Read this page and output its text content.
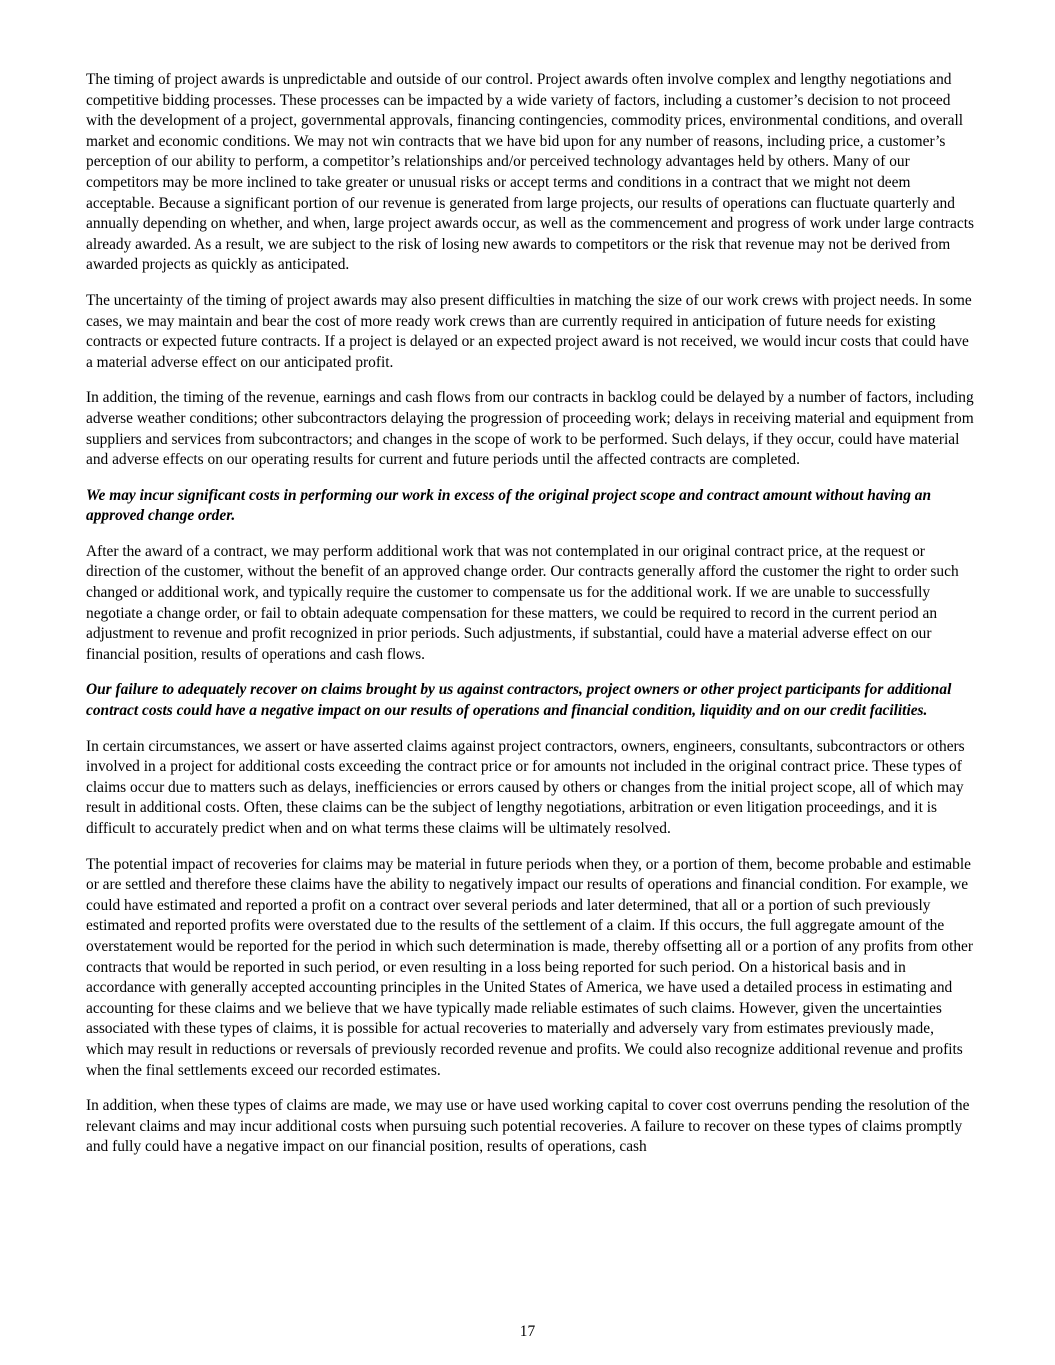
The timing of project awards is unpredictable and outside of our control. Project awards often involve complex and lengthy negotiations and competitive bidding processes. These processes can be impacted by a wide variety of factors, including a customer’s decision to not proceed with the development of a project, governmental approvals, financing contingencies, commodity prices, environmental conditions, and overall market and economic conditions. We may not win contracts that we have bid upon for any number of reasons, including price, a customer’s perception of our ability to perform, a competitor’s relationships and/or perceived technology advantages held by others. Many of our competitors may be more inclined to take greater or unusual risks or accept terms and conditions in a contract that we might not deem acceptable. Because a significant portion of our revenue is generated from large projects, our results of operations can fluctuate quarterly and annually depending on whether, and when, large project awards occur, as well as the commencement and progress of work under large contracts already awarded. As a result, we are subject to the risk of losing new awards to competitors or the risk that revenue may not be derived from awarded projects as quickly as anticipated.

The uncertainty of the timing of project awards may also present difficulties in matching the size of our work crews with project needs. In some cases, we may maintain and bear the cost of more ready work crews than are currently required in anticipation of future needs for existing contracts or expected future contracts. If a project is delayed or an expected project award is not received, we would incur costs that could have a material adverse effect on our anticipated profit.

In addition, the timing of the revenue, earnings and cash flows from our contracts in backlog could be delayed by a number of factors, including adverse weather conditions; other subcontractors delaying the progression of proceeding work; delays in receiving material and equipment from suppliers and services from subcontractors; and changes in the scope of work to be performed. Such delays, if they occur, could have material and adverse effects on our operating results for current and future periods until the affected contracts are completed.

We may incur significant costs in performing our work in excess of the original project scope and contract amount without having an approved change order.

After the award of a contract, we may perform additional work that was not contemplated in our original contract price, at the request or direction of the customer, without the benefit of an approved change order. Our contracts generally afford the customer the right to order such changed or additional work, and typically require the customer to compensate us for the additional work. If we are unable to successfully negotiate a change order, or fail to obtain adequate compensation for these matters, we could be required to record in the current period an adjustment to revenue and profit recognized in prior periods. Such adjustments, if substantial, could have a material adverse effect on our financial position, results of operations and cash flows.

Our failure to adequately recover on claims brought by us against contractors, project owners or other project participants for additional contract costs could have a negative impact on our results of operations and financial condition, liquidity and on our credit facilities.

In certain circumstances, we assert or have asserted claims against project contractors, owners, engineers, consultants, subcontractors or others involved in a project for additional costs exceeding the contract price or for amounts not included in the original contract price. These types of claims occur due to matters such as delays, inefficiencies or errors caused by others or changes from the initial project scope, all of which may result in additional costs. Often, these claims can be the subject of lengthy negotiations, arbitration or even litigation proceedings, and it is difficult to accurately predict when and on what terms these claims will be ultimately resolved.

The potential impact of recoveries for claims may be material in future periods when they, or a portion of them, become probable and estimable or are settled and therefore these claims have the ability to negatively impact our results of operations and financial condition. For example, we could have estimated and reported a profit on a contract over several periods and later determined, that all or a portion of such previously estimated and reported profits were overstated due to the results of the settlement of a claim. If this occurs, the full aggregate amount of the overstatement would be reported for the period in which such determination is made, thereby offsetting all or a portion of any profits from other contracts that would be reported in such period, or even resulting in a loss being reported for such period. On a historical basis and in accordance with generally accepted accounting principles in the United States of America, we have used a detailed process in estimating and accounting for these claims and we believe that we have typically made reliable estimates of such claims. However, given the uncertainties associated with these types of claims, it is possible for actual recoveries to materially and adversely vary from estimates previously made, which may result in reductions or reversals of previously recorded revenue and profits. We could also recognize additional revenue and profits when the final settlements exceed our recorded estimates.

In addition, when these types of claims are made, we may use or have used working capital to cover cost overruns pending the resolution of the relevant claims and may incur additional costs when pursuing such potential recoveries. A failure to recover on these types of claims promptly and fully could have a negative impact on our financial position, results of operations, cash

17
